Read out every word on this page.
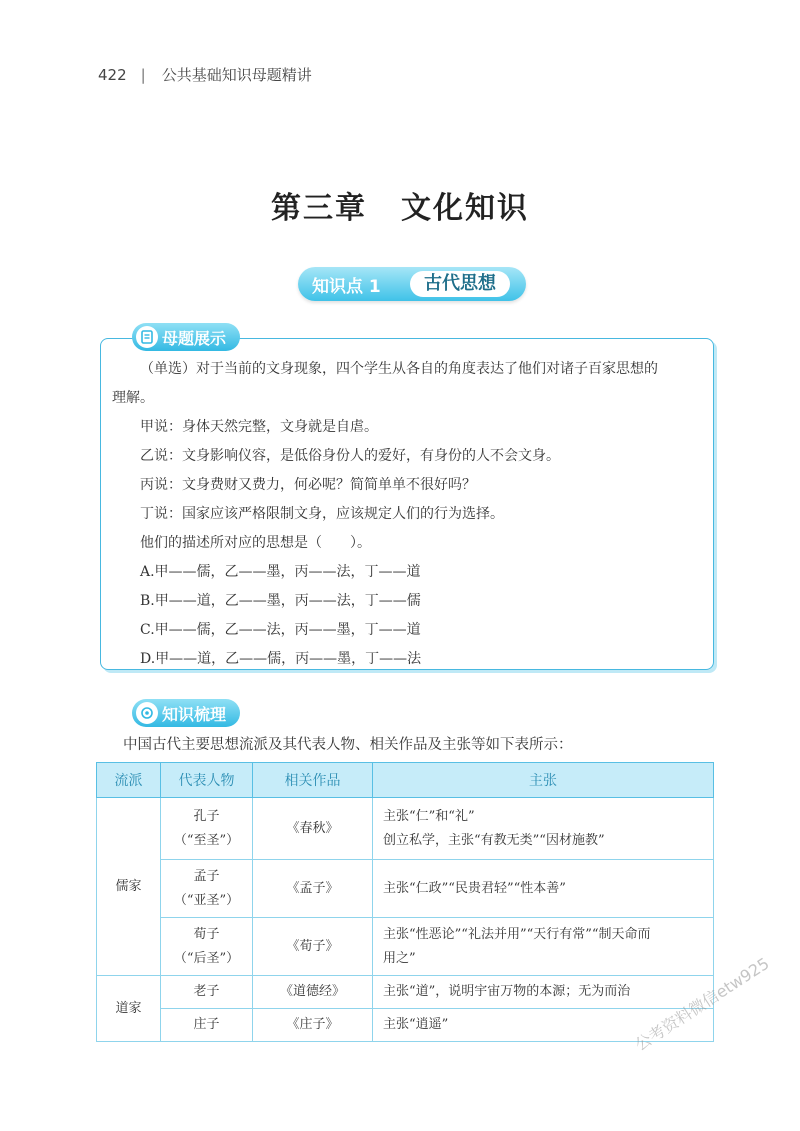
422 | 公共基础知识母题精讲
第三章 文化知识
知识点 1	古代思想
母题展示

（单选）对于当前的文身现象，四个学生从各自的角度表达了他们对诸子百家思想的
理解。

甲说：身体天然完整，文身就是自虐。

乙说：文身影响仪容，是低俗身份人的爱好，有身份的人不会文身。

丙说：文身费财又费力，何必呢？简简单单不很好吗？

丁说：国家应该严格限制文身，应该规定人们的行为选择。

他们的描述所对应的思想是（　　）。

A.甲——儒，乙——墨，丙——法，丁——道

B.甲——道，乙——墨，丙——法，丁——儒

C.甲——儒，乙——法，丙——墨，丁——道

D.甲——道，乙——儒，丙——墨，丁——法

知识梳理
中国古代主要思想流派及其代表人物、相关作品及主张等如下表所示：
流派	代表人物	相关作品	主张
儒家	孔子
（“至圣”）	《春秋》	主张“仁”和“礼”
创立私学，主张“有教无类”“因材施教”
	孟子
（“亚圣”）	《孟子》	主张“仁政”“民贵君轻”“性本善”
	荀子
（“后圣”）	《荀子》	主张“性恶论”“礼法并用”“天行有常”“制天命而
用之”
道家	老子	《道德经》	主张“道”，说明宇宙万物的本源；无为而治
	庄子	《庄子》	主张“逍遥”	公考资料微信etw925
